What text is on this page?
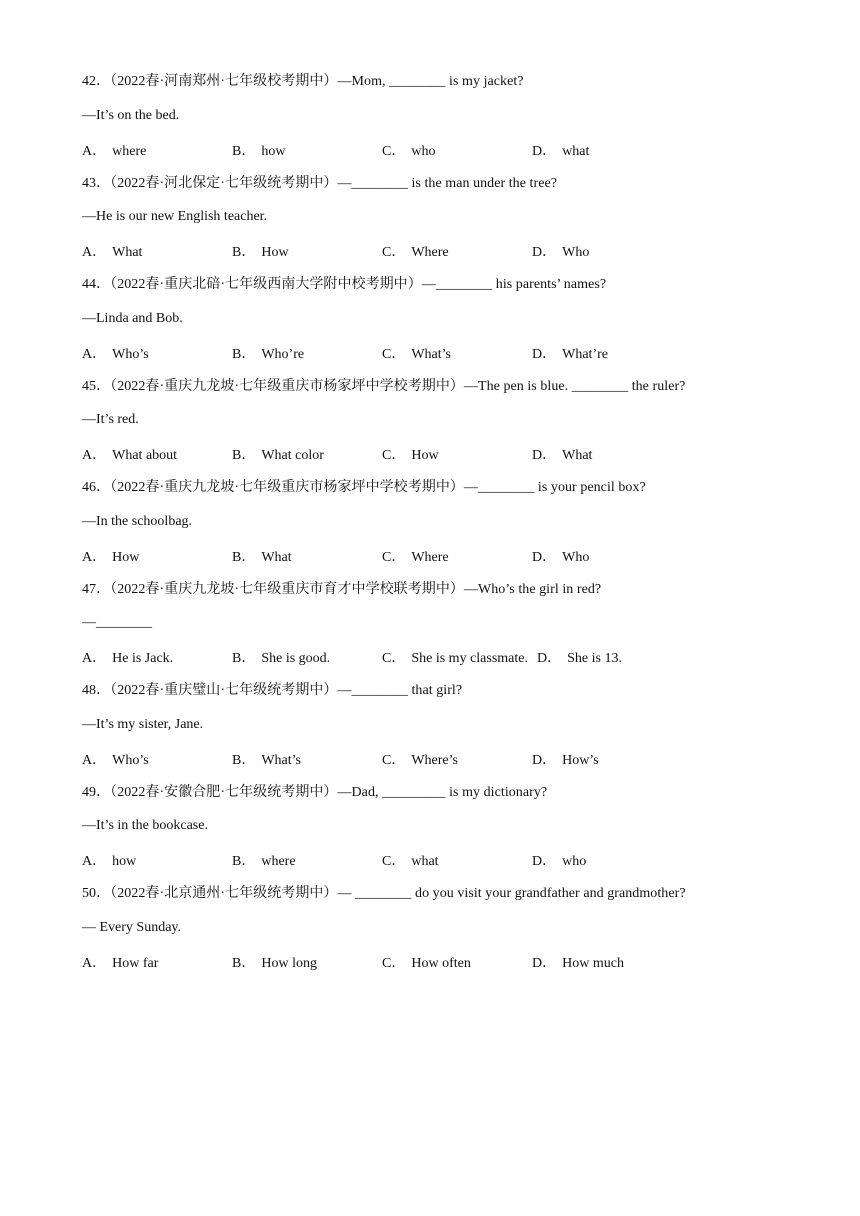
42．（2022春·河南郑州·七年级校考期中）—Mom, ________ is my jacket?
—It’s on the bed.
A． where	B． how	C． who	D． what
43．（2022春·河北保定·七年级统考期中）—________ is the man under the tree?
—He is our new English teacher.
A． What	B． How	C． Where	D． Who
44．（2022春·重庆北碚·七年级西南大学附中校考期中）—________ his parents’ names?
—Linda and Bob.
A． Who’s	B． Who’re	C． What’s	D． What’re
45．（2022春·重庆九龙坡·七年级重庆市杨家坪中学校考期中）—The pen is blue. ________ the ruler?
—It’s red.
A． What about	B． What color	C． How	D． What
46．（2022春·重庆九龙坡·七年级重庆市杨家坪中学校考期中）—________ is your pencil box?
—In the schoolbag.
A． How	B． What	C． Where	D． Who
47．（2022春·重庆九龙坡·七年级重庆市育才中学校联考期中）—Who’s the girl in red?
—________
A． He is Jack.	B． She is good.	C． She is my classmate. D． She is 13.
48．（2022春·重庆璧山·七年级统考期中）—________ that girl?
—It’s my sister, Jane.
A． Who’s	B． What’s	C． Where’s	D． How’s
49．（2022春·安徽合肥·七年级统考期中）—Dad, _________ is my dictionary?
—It’s in the bookcase.
A． how	B． where	C． what	D． who
50．（2022春·北京通州·七年级统考期中）— ________ do you visit your grandfather and grandmother?
— Every Sunday.
A． How far	B． How long	C． How often	D． How much
